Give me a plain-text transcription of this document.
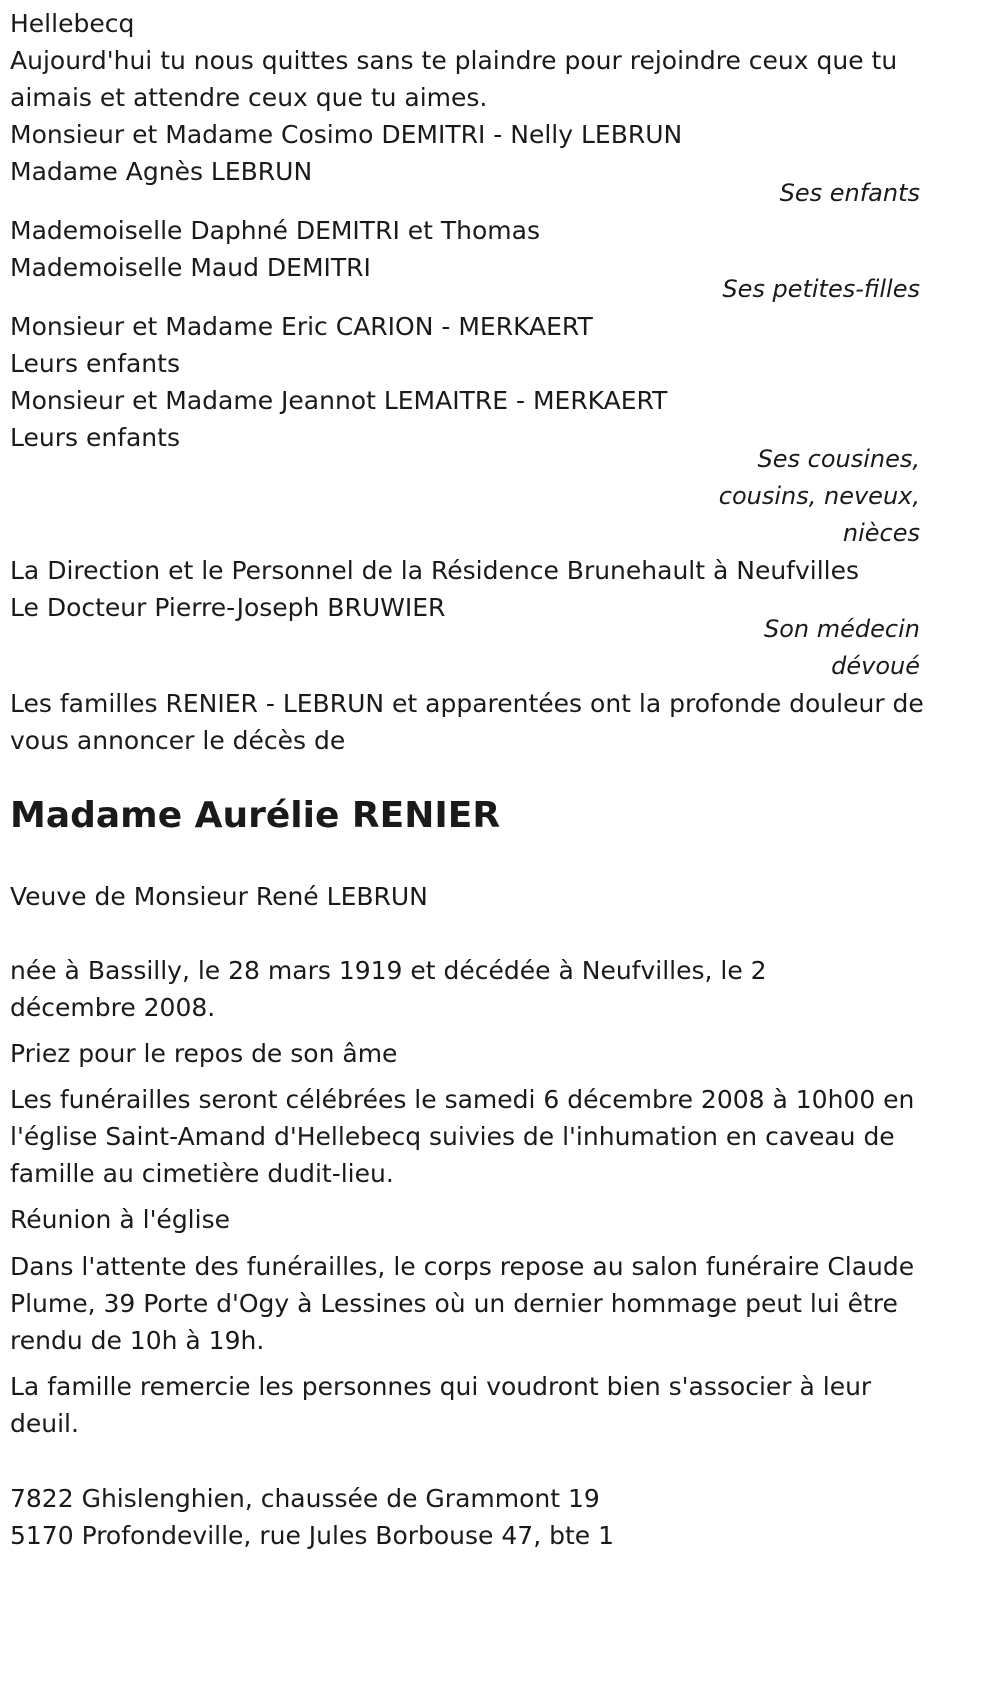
Hellebecq
Aujourd'hui tu nous quittes sans te plaindre pour rejoindre ceux que tu aimais et attendre ceux que tu aimes.
Monsieur et Madame Cosimo DEMITRI - Nelly LEBRUN
Madame Agnès LEBRUN
Ses enfants
Mademoiselle Daphné DEMITRI et Thomas
Mademoiselle Maud DEMITRI
Ses petites-filles
Monsieur et Madame Eric CARION - MERKAERT
Leurs enfants
Monsieur et Madame Jeannot LEMAITRE - MERKAERT
Leurs enfants
Ses cousines,
cousins, neveux,
nièces
La Direction et le Personnel de la Résidence Brunehault à Neufvilles
Le Docteur Pierre-Joseph BRUWIER
Son médecin
dévoué
Les familles RENIER - LEBRUN et apparentées ont la profonde douleur de vous annoncer le décès de
Madame Aurélie RENIER
Veuve de Monsieur René LEBRUN
née à Bassilly, le 28 mars 1919 et décédée à Neufvilles, le 2 décembre 2008.
Priez pour le repos de son âme
Les funérailles seront célébrées le samedi 6 décembre 2008 à 10h00 en l'église Saint-Amand d'Hellebecq suivies de l'inhumation en caveau de famille au cimetière dudit-lieu.
Réunion à l'église
Dans l'attente des funérailles, le corps repose au salon funéraire Claude Plume, 39 Porte d'Ogy à Lessines où un dernier hommage peut lui être rendu de 10h à 19h.
La famille remercie les personnes qui voudront bien s'associer à leur deuil.
7822 Ghislenghien, chaussée de Grammont 19
5170 Profondeville, rue Jules Borbouse 47, bte 1
